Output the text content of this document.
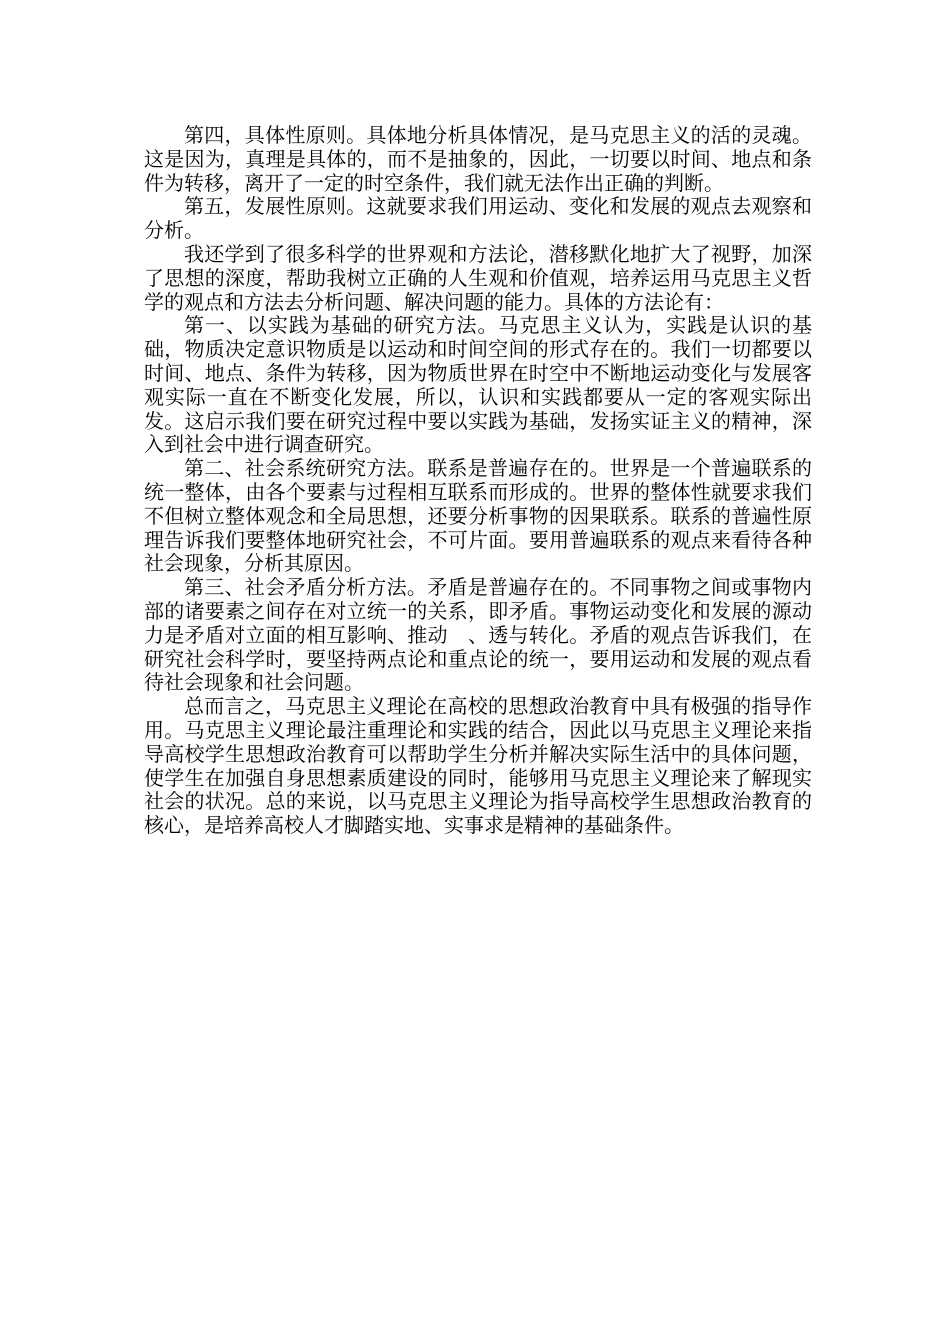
第四，具体性原则。具体地分析具体情况，是马克思主义的活的灵魂。这是因为，真理是具体的，而不是抽象的，因此，一切要以时间、地点和条件为转移，离开了一定的时空条件，我们就无法作出正确的判断。

第五，发展性原则。这就要求我们用运动、变化和发展的观点去观察和分析。

我还学到了很多科学的世界观和方法论，潜移默化地扩大了视野，加深了思想的深度，帮助我树立正确的人生观和价值观，培养运用马克思主义哲学的观点和方法去分析问题、解决问题的能力。具体的方法论有：

第一、以实践为基础的研究方法。马克思主义认为，实践是认识的基础，物质决定意识物质是以运动和时间空间的形式存在的。我们一切都要以时间、地点、条件为转移，因为物质世界在时空中不断地运动变化与发展客观实际一直在不断变化发展，所以，认识和实践都要从一定的客观实际出发。这启示我们要在研究过程中要以实践为基础，发扬实证主义的精神，深入到社会中进行调查研究。

第二、社会系统研究方法。联系是普遍存在的。世界是一个普遍联系的统一整体，由各个要素与过程相互联系而形成的。世界的整体性就要求我们不但树立整体观念和全局思想，还要分析事物的因果联系。联系的普遍性原理告诉我们要整体地研究社会，不可片面。要用普遍联系的观点来看待各种社会现象，分析其原因。

第三、社会矛盾分析方法。矛盾是普遍存在的。不同事物之间或事物内部的诸要素之间存在对立统一的关系，即矛盾。事物运动变化和发展的源动力是矛盾对立面的相互影响、推动　、透与转化。矛盾的观点告诉我们，在研究社会科学时，要坚持两点论和重点论的统一，要用运动和发展的观点看待社会现象和社会问题。

总而言之，马克思主义理论在高校的思想政治教育中具有极强的指导作用。马克思主义理论最注重理论和实践的结合，因此以马克思主义理论来指导高校学生思想政治教育可以帮助学生分析并解决实际生活中的具体问题，使学生在加强自身思想素质建设的同时，能够用马克思主义理论来了解现实社会的状况。总的来说，以马克思主义理论为指导高校学生思想政治教育的核心，是培养高校人才脚踏实地、实事求是精神的基础条件。
